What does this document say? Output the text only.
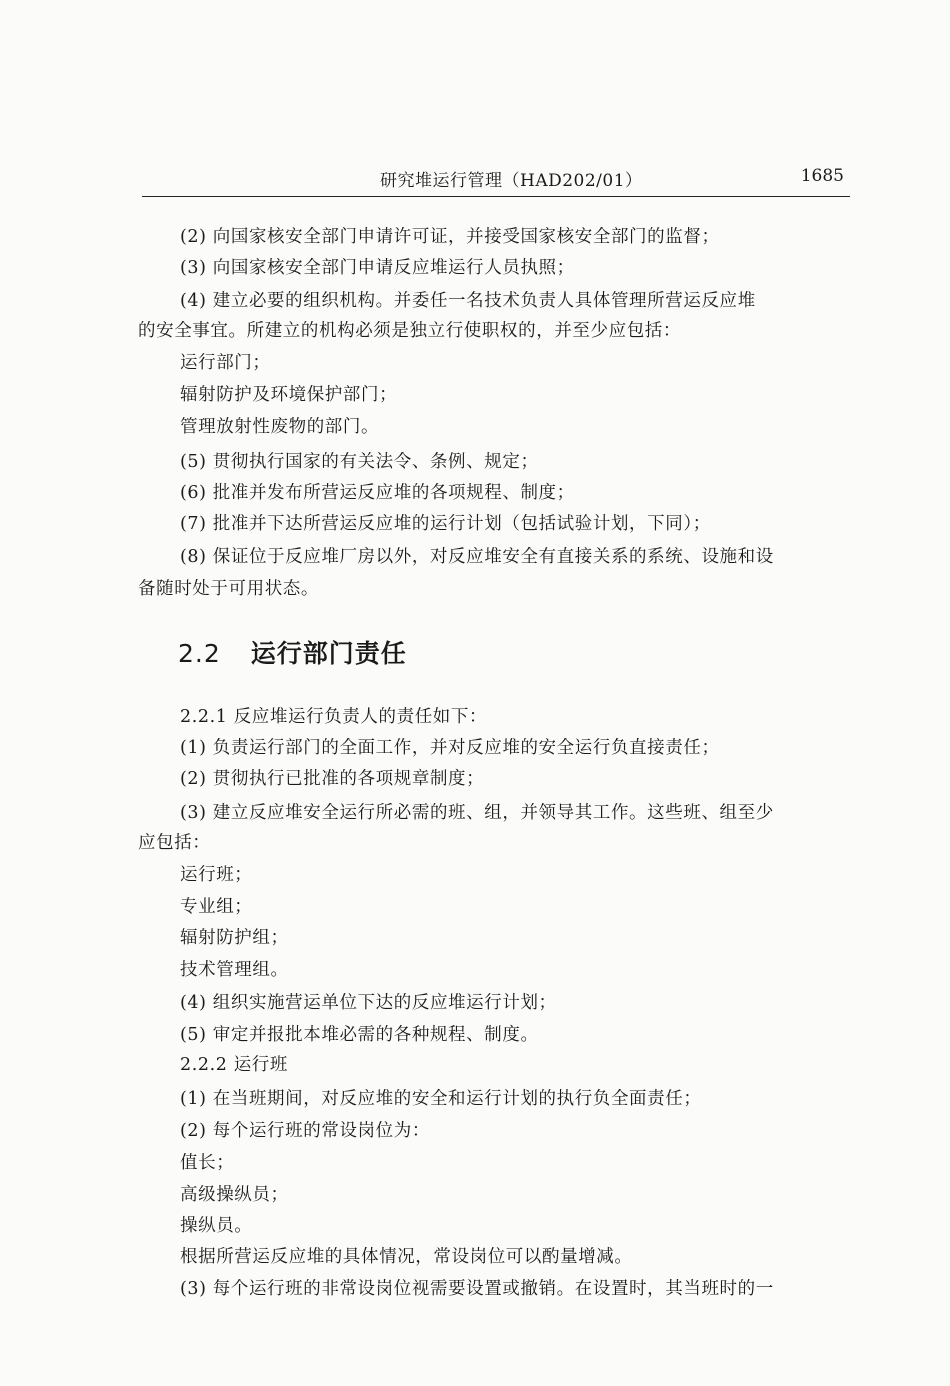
研究堆运行管理（HAD202/01）	1685
(2) 向国家核安全部门申请许可证，并接受国家核安全部门的监督；
(3) 向国家核安全部门申请反应堆运行人员执照；
(4) 建立必要的组织机构。并委任一名技术负责人具体管理所营运反应堆
的安全事宜。所建立的机构必须是独立行使职权的，并至少应包括：
运行部门；
辐射防护及环境保护部门；
管理放射性废物的部门。
(5) 贯彻执行国家的有关法令、条例、规定；
(6) 批准并发布所营运反应堆的各项规程、制度；
(7) 批准并下达所营运反应堆的运行计划（包括试验计划，下同）；
(8) 保证位于反应堆厂房以外，对反应堆安全有直接关系的系统、设施和设
备随时处于可用状态。
2.2 运行部门责任
2.2.1 反应堆运行负责人的责任如下：
(1) 负责运行部门的全面工作，并对反应堆的安全运行负直接责任；
(2) 贯彻执行已批准的各项规章制度；
(3) 建立反应堆安全运行所必需的班、组，并领导其工作。这些班、组至少
应包括：
运行班；
专业组；
辐射防护组；
技术管理组。
(4) 组织实施营运单位下达的反应堆运行计划；
(5) 审定并报批本堆必需的各种规程、制度。
2.2.2 运行班
(1) 在当班期间，对反应堆的安全和运行计划的执行负全面责任；
(2) 每个运行班的常设岗位为：
值长；
高级操纵员；
操纵员。
根据所营运反应堆的具体情况，常设岗位可以酌量增减。
(3) 每个运行班的非常设岗位视需要设置或撤销。在设置时，其当班时的一
